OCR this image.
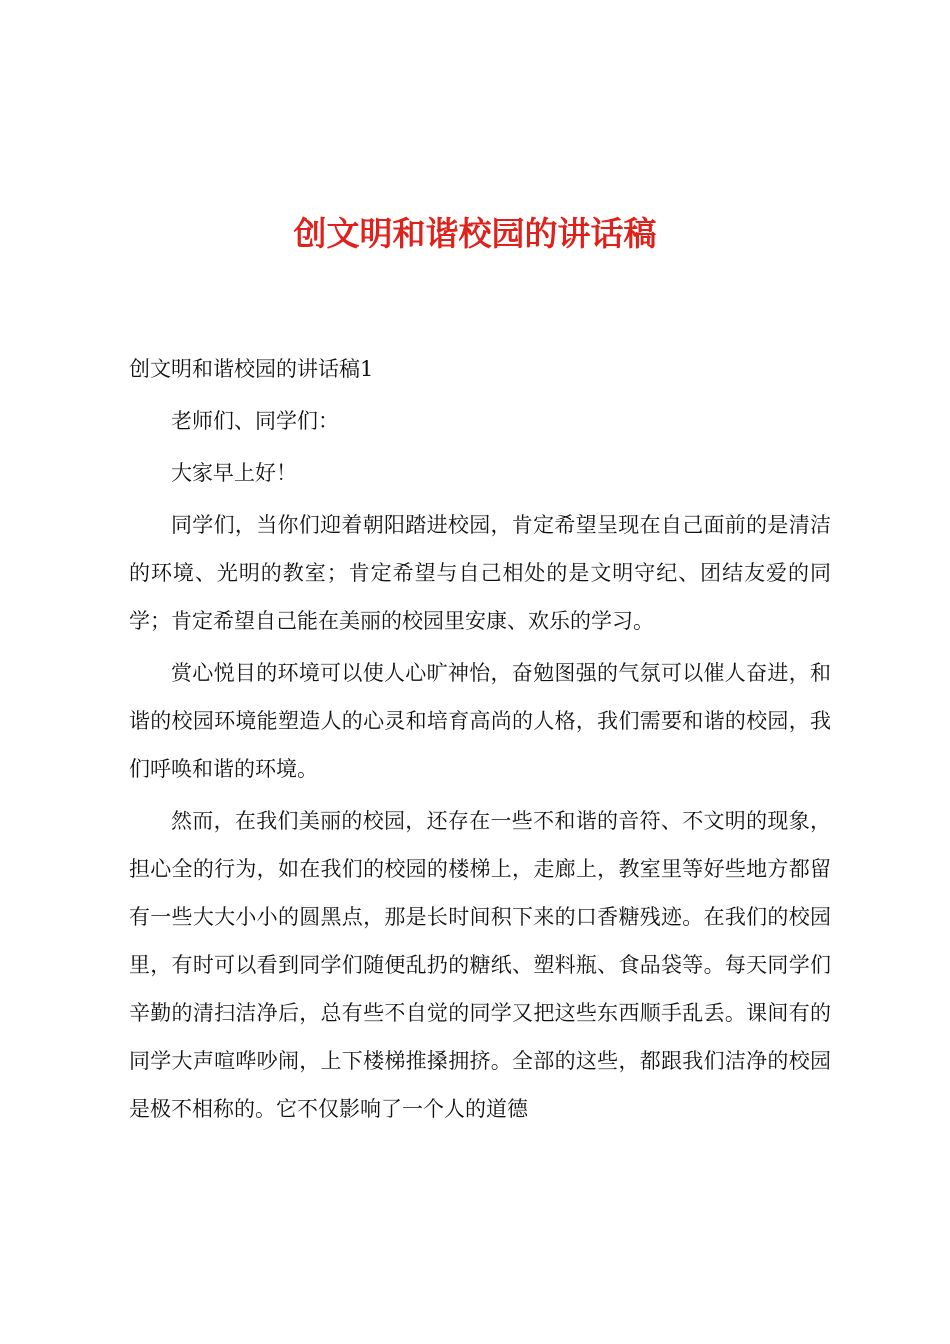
创文明和谐校园的讲话稿

创文明和谐校园的讲话稿1

老师们、同学们：

大家早上好！

同学们，当你们迎着朝阳踏进校园，肯定希望呈现在自己面前的是清洁的环境、光明的教室；肯定希望与自己相处的是文明守纪、团结友爱的同学；肯定希望自己能在美丽的校园里安康、欢乐的学习。

赏心悦目的环境可以使人心旷神怡，奋勉图强的气氛可以催人奋进，和谐的校园环境能塑造人的心灵和培育高尚的人格，我们需要和谐的校园，我们呼唤和谐的环境。

然而，在我们美丽的校园，还存在一些不和谐的音符、不文明的现象，担心全的行为，如在我们的校园的楼梯上，走廊上，教室里等好些地方都留有一些大大小小的圆黑点，那是长时间积下来的口香糖残迹。在我们的校园里，有时可以看到同学们随便乱扔的糖纸、塑料瓶、食品袋等。每天同学们辛勤的清扫洁净后，总有些不自觉的同学又把这些东西顺手乱丢。课间有的同学大声喧哗吵闹，上下楼梯推搡拥挤。全部的这些，都跟我们洁净的校园是极不相称的。它不仅影响了一个人的道德
